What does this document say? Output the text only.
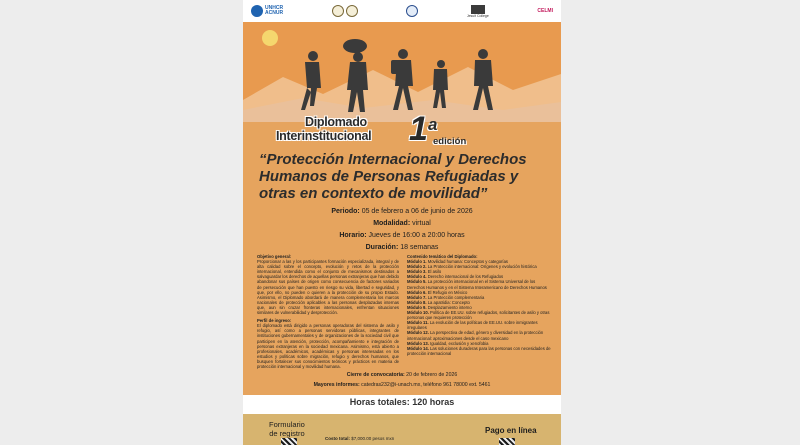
UNHCR
ACNUR	Jesuit College
CELMI
Diplomado
Interinstitucional 1 a
edición
“Protección Internacional y Derechos Humanos de Personas Refugiadas y otras en contexto de movilidad”
Periodo: 05 de febrero a 06 de junio de 2026
Modalidad: virtual
Horario: Jueves de 16:00 a 20:00 horas
Duración: 18 semanas
Objetivo general:

Proporcionar a las y los participantes formación especializada, integral y de alta calidad sobre el concepto, evolución y retos de la protección internacional, entendida como el conjunto de mecanismos destinados a salvaguardar los derechos de aquellas personas extranjeras que han debido abandonar sus países de origen como consecuencia de factores variados de persecución que han puesto en riesgo su vida, libertad e seguridad, y que, por ello, no pueden o quieren a la protección de su propio Estado. Asimismo, el Diplomado abordará de manera complementaria los marcos nacionales de protección aplicables a las personas desplazadas internas que, aun sin cruzar fronteras internacionales, enfrentan situaciones similares de vulnerabilidad y desprotección.

Perfil de ingreso:

El diplomado está dirigido a personas operadoras del sistema de asilo y refugio, así como a personas servidoras públicas, integrantes de instituciones gubernamentales y de organizaciones de la sociedad civil que participen en la atención, protección, acompañamiento e integración de personas extranjeras en la sociedad mexicana. Asimismo, está abierto a profesionales, académicos, académicas y personas interesadas en los estudios y políticas sobre migración, refugio y derechos humanos, que busquen fortalecer sus conocimientos teóricos y prácticos en materia de protección internacional y movilidad humana.

Contenido temático del Diplomado:
Módulo 1. Movilidad humana: Conceptos y categorías
Módulo 2. La Protección internacional: Orígenes y evolución histórica
Módulo 3. El asilo
Módulo 4. Derecho internacional de los Refugiados
Módulo 5. La protección internacional en el Sistema Universal de los Derechos Humanos y en el Sistema Interamericano de Derechos Humanos
Módulo 6. El Refugio en México
Módulo 7. La Protección complementaria
Módulo 8. La apatridia: Concepto
Módulo 9. Desplazamiento interno
Módulo 10. Política de EE.UU. sobre refugiados, solicitantes de asilo y otras personas que requieren protección
Módulo 11. La evolución de las políticas de EE.UU. sobre inmigrantes irregulares
Módulo 12. La perspectiva de edad, género y diversidad en la protección internacional: aproximaciones desde el caso mexicano
Módulo 13. Igualdad, exclusión y xenofobia
Módulo 14. Las soluciones duraderas para las personas con necesidades de protección internacional
Cierre de convocatoria: 20 de febrero de 2026
Mayores informes: catedras232@i-unach.mx, teléfono 961 78000 ext. 5461
Horas totales: 120 horas
Formulario
de registro
Costo total: $7,000.00 pesos mxn
Pago en línea
